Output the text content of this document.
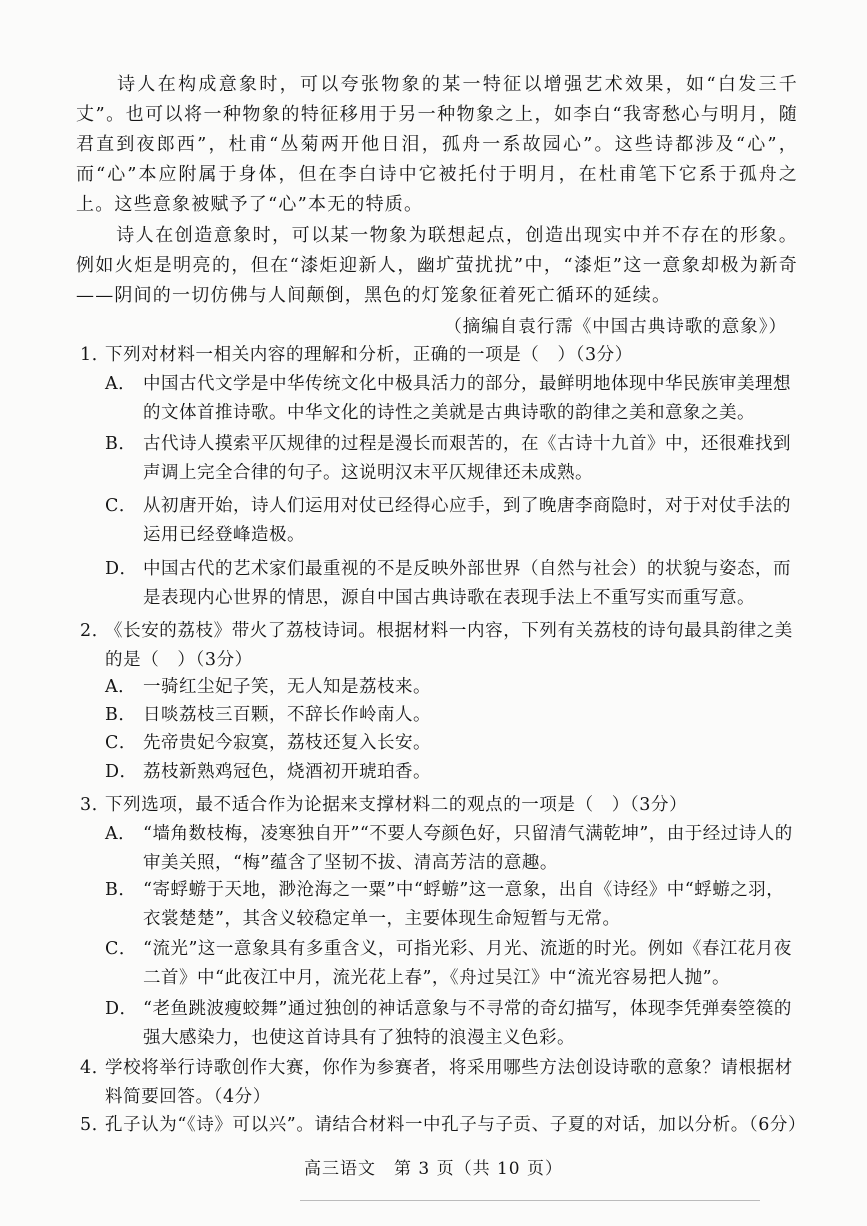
诗人在构成意象时，可以夸张物象的某一特征以增强艺术效果，如“白发三千丈”。也可以将一种物象的特征移用于另一种物象之上，如李白“我寄愁心与明月，随君直到夜郎西”，杜甫“丛菊两开他日泪，孤舟一系故园心”。这些诗都涉及“心”，而“心”本应附属于身体，但在李白诗中它被托付于明月，在杜甫笔下它系于孤舟之上。这些意象被赋予了“心”本无的特质。
诗人在创造意象时，可以某一物象为联想起点，创造出现实中并不存在的形象。例如火炬是明亮的，但在“漆炬迎新人，幽圹萤扰扰”中，“漆炬”这一意象却极为新奇——阴间的一切仿佛与人间颠倒，黑色的灯笼象征着死亡循环的延续。
（摘编自袁行霈《中国古典诗歌的意象》）
1．
下列对材料一相关内容的理解和分析，正确的一项是（　）（3分）
A． 中国古代文学是中华传统文化中极具活力的部分，最鲜明地体现中华民族审美理想的文体首推诗歌。中华文化的诗性之美就是古典诗歌的韵律之美和意象之美。
B． 古代诗人摸索平仄规律的过程是漫长而艰苦的，在《古诗十九首》中，还很难找到声调上完全合律的句子。这说明汉末平仄规律还未成熟。
C． 从初唐开始，诗人们运用对仗已经得心应手，到了晚唐李商隐时，对于对仗手法的运用已经登峰造极。
D． 中国古代的艺术家们最重视的不是反映外部世界（自然与社会）的状貌与姿态，而是表现内心世界的情思，源自中国古典诗歌在表现手法上不重写实而重写意。
2．
《长安的荔枝》带火了荔枝诗词。根据材料一内容，下列有关荔枝的诗句最具韵律之美的是（　）（3分）
A． 一骑红尘妃子笑，无人知是荔枝来。
B． 日啖荔枝三百颗，不辞长作岭南人。
C． 先帝贵妃今寂寞，荔枝还复入长安。
D． 荔枝新熟鸡冠色，烧酒初开琥珀香。
3．
下列选项，最不适合作为论据来支撑材料二的观点的一项是（　）（3分）
A． “墙角数枝梅，凌寒独自开”“不要人夸颜色好，只留清气满乾坤”，由于经过诗人的审美关照，“梅”蕴含了坚韧不拔、清高芳洁的意趣。
B． “寄蜉蝣于天地，渺沧海之一粟”中“蜉蝣”这一意象，出自《诗经》中“蜉蝣之羽，衣裳楚楚”，其含义较稳定单一，主要体现生命短暂与无常。
C． “流光”这一意象具有多重含义，可指光彩、月光、流逝的时光。例如《春江花月夜二首》中“此夜江中月，流光花上春”，《舟过吴江》中“流光容易把人抛”。
D． “老鱼跳波瘦蛟舞”通过独创的神话意象与不寻常的奇幻描写，体现李凭弹奏箜篌的强大感染力，也使这首诗具有了独特的浪漫主义色彩。
4．
学校将举行诗歌创作大赛，你作为参赛者，将采用哪些方法创设诗歌的意象？请根据材料简要回答。（4分）
5．
孔子认为“《诗》可以兴”。请结合材料一中孔子与子贡、子夏的对话，加以分析。（6分）
高三语文　第 3 页（共 10 页）
